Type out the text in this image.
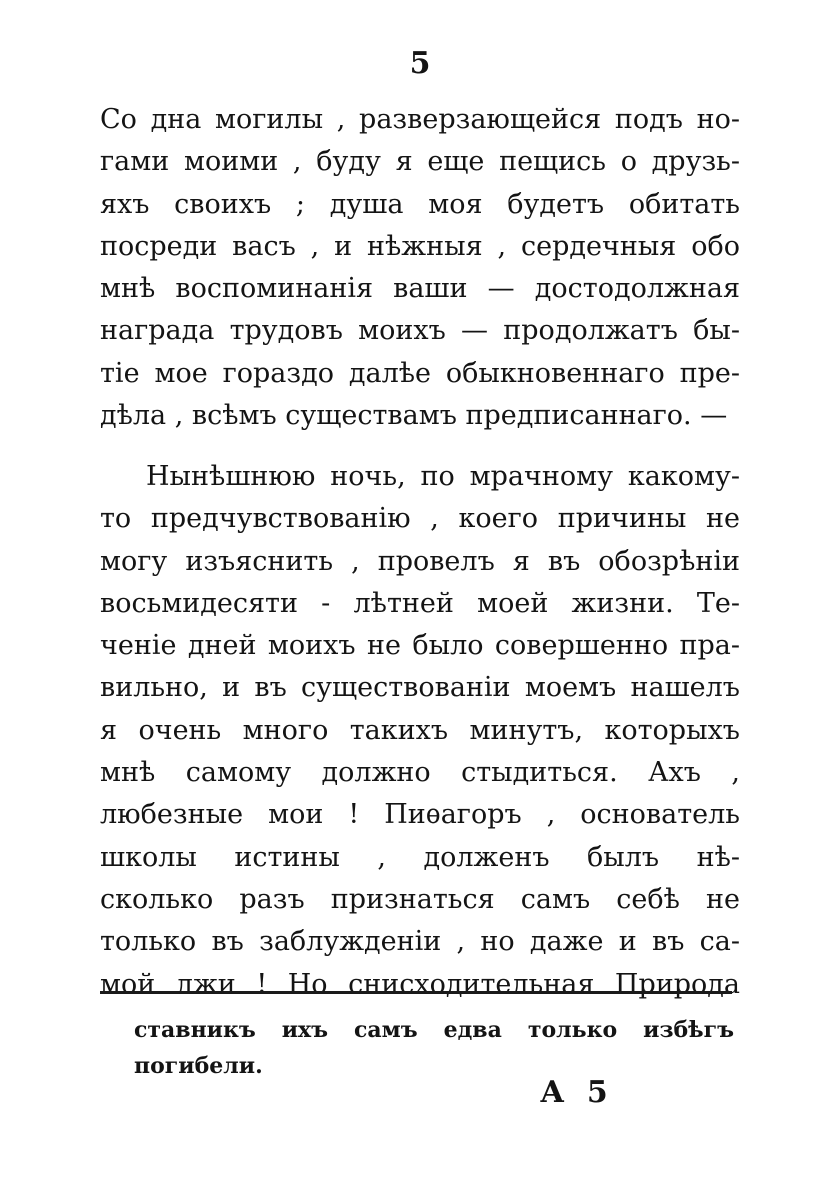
5
Со дна могилы , разверзающейся подъ но-
гами моими , буду я еще пещись о друзь-
яхъ своихъ ; душа моя будетъ обитать
посреди васъ , и нѣжныя , сердечныя обо
мнѣ воспоминанія ваши — достодолжная
награда трудовъ моихъ — продолжатъ бы-
тіе мое гораздо далѣе обыкновеннаго пре-
дѣла , всѣмъ существамъ предписаннаго. —
Нынѣшнюю ночь, по мрачному какому-
то предчувствованію , коего причины не
могу изъяснить , провелъ я въ обозрѣніи
восьмидесяти - лѣтней моей жизни. Те-
ченіе дней моихъ не было совершенно пра-
вильно, и въ существованіи моемъ нашелъ
я очень много такихъ минутъ, которыхъ
мнѣ самому должно стыдиться. Ахъ ,
любезные мои ! Пиѳагоръ , основатель
школы истины , долженъ былъ нѣ-
сколько разъ признаться самъ себѣ не
только въ заблужденіи , но даже и въ са-
мой лжи ! Но снисходительная Природа
ставникъ ихъ самъ едва только избѣгъ
погибели.
А 5
